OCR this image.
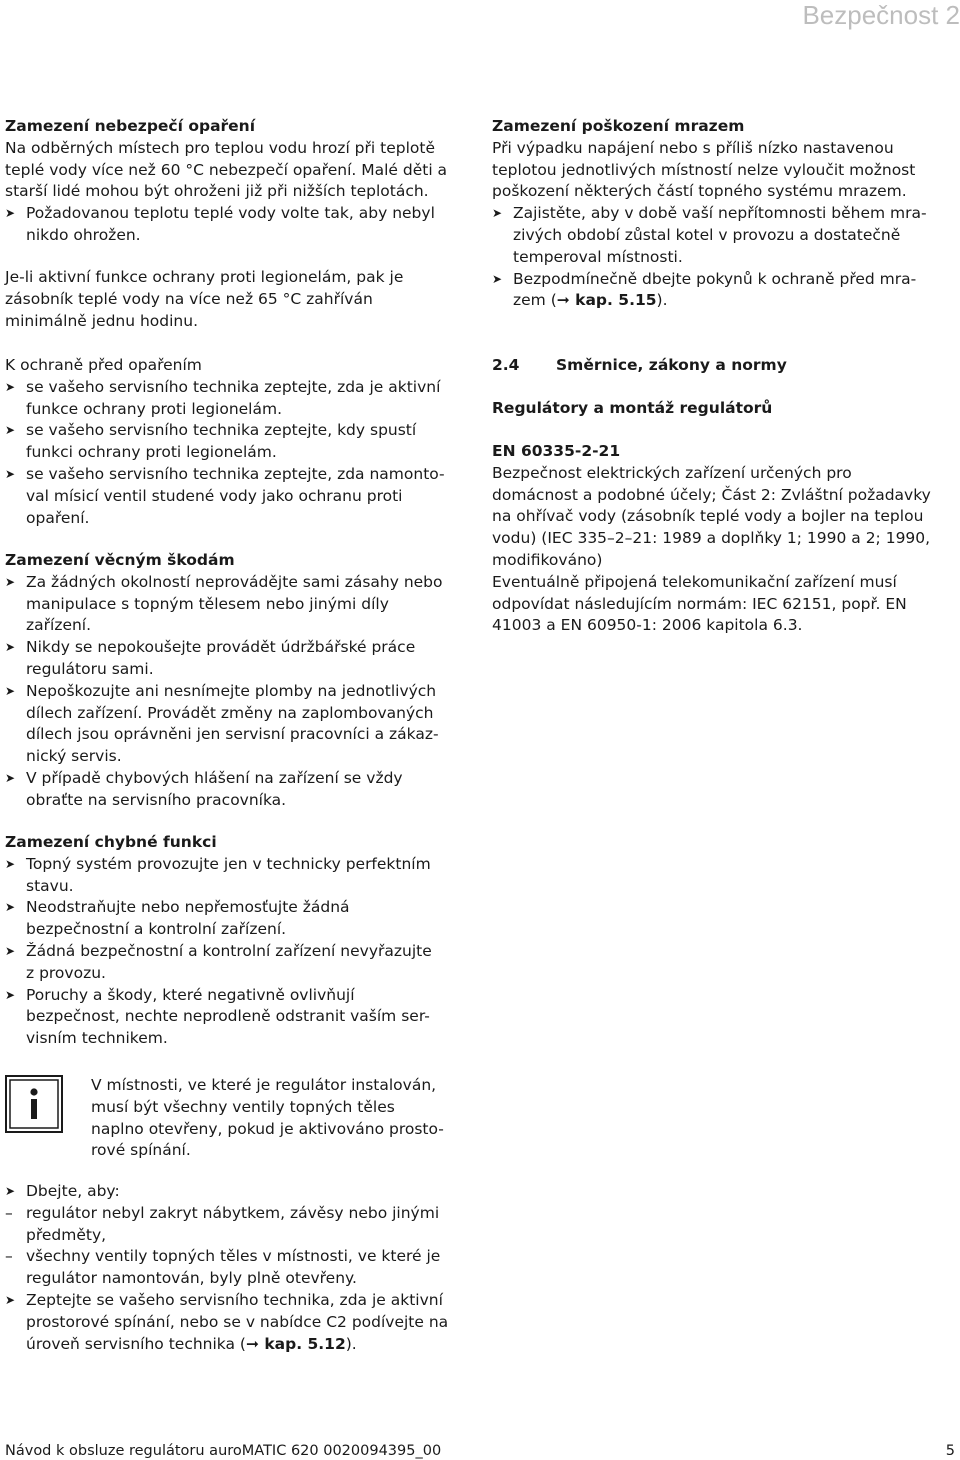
Bezpečnost 2

Zamezení nebezpečí opaření

Na odběrných místech pro teplou vodu hrozí při teplotě

teplé vody více než 60 °C nebezpečí opaření. Malé děti a

starší lidé mohou být ohroženi již při nižších teplotách.

➤ Požadovanou teplotu teplé vody volte tak, aby nebyl

nikdo ohrožen.

Je-li aktivní funkce ochrany proti legionelám, pak je

zásobník teplé vody na více než 65 °C zahříván

minimálně jednu hodinu.

K ochraně před opařením

➤ se vašeho servisního technika zeptejte, zda je aktivní

funkce ochrany proti legionelám.

➤ se vašeho servisního technika zeptejte, kdy spustí

funkci ochrany proti legionelám.

➤ se vašeho servisního technika zeptejte, zda namonto-

val mísicí ventil studené vody jako ochranu proti

opaření.

Zamezení věcným škodám

➤ Za žádných okolností neprovádějte sami zásahy nebo

manipulace s topným tělesem nebo jinými díly

zařízení.

➤ Nikdy se nepokoušejte provádět údržbářské práce

regulátoru sami.

➤ Nepoškozujte ani nesnímejte plomby na jednotlivých

dílech zařízení. Provádět změny na zaplombovaných

dílech jsou oprávněni jen servisní pracovníci a zákaz-

nický servis.

➤ V případě chybových hlášení na zařízení se vždy

obraťte na servisního pracovníka.

Zamezení chybné funkci

➤ Topný systém provozujte jen v technicky perfektním

stavu.

➤ Neodstraňujte nebo nepřemosťujte žádná

bezpečnostní a kontrolní zařízení.

➤ Žádná bezpečnostní a kontrolní zařízení nevyřazujte

z provozu.

➤ Poruchy a škody, které negativně ovlivňují

bezpečnost, nechte neprodleně odstranit vaším ser-

visním technikem.

i	V místnosti, ve které je regulátor instalován,

musí být všechny ventily topných těles

naplno otevřeny, pokud je aktivováno prosto-

rové spínání.

➤ Dbejte, aby:

– regulátor nebyl zakryt nábytkem, závěsy nebo jinými

předměty,

– všechny ventily topných těles v místnosti, ve které je

regulátor namontován, byly plně otevřeny.

➤ Zeptejte se vašeho servisního technika, zda je aktivní

prostorové spínání, nebo se v nabídce C2 podívejte na

úroveň servisního technika (➞ kap. 5.12).

Zamezení poškození mrazem

Při výpadku napájení nebo s příliš nízko nastavenou

teplotou jednotlivých místností nelze vyloučit možnost

poškození některých částí topného systému mrazem.

➤ Zajistěte, aby v době vaší nepřítomnosti během mra-

zivých období zůstal kotel v provozu a dostatečně

temperoval místnosti.

➤ Bezpodmínečně dbejte pokynů k ochraně před mra-

zem (➞ kap. 5.15).

2.4 Směrnice, zákony a normy
Regulátory a montáž regulátorů

EN 60335-2-21

Bezpečnost elektrických zařízení určených pro

domácnost a podobné účely; Část 2: Zvláštní požadavky

na ohřívač vody (zásobník teplé vody a bojler na teplou

vodu) (IEC 335–2–21: 1989 a doplňky 1; 1990 a 2; 1990,

modifikováno)

Eventuálně připojená telekomunikační zařízení musí

odpovídat následujícím normám: IEC 62151, popř. EN

41003 a EN 60950-1: 2006 kapitola 6.3.

Návod k obsluze regulátoru auroMATIC 620 0020094395_00	5
